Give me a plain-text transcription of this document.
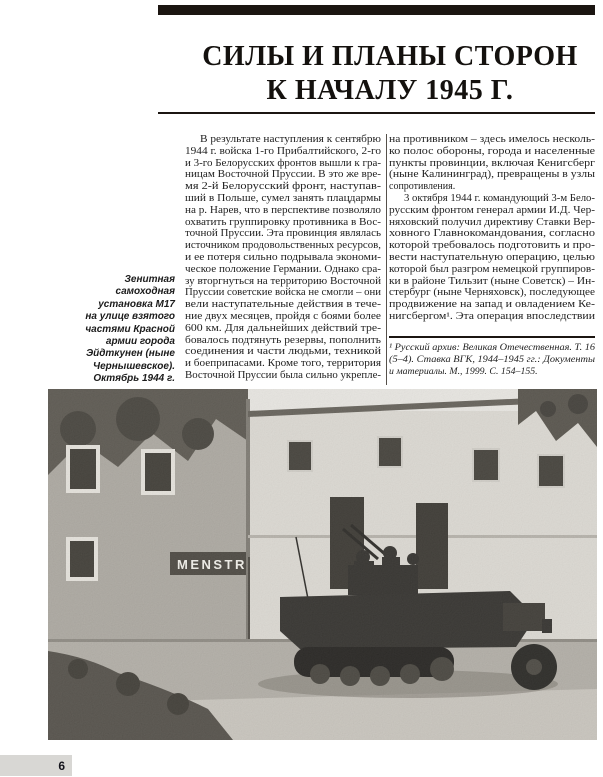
СИЛЫ И ПЛАНЫ СТОРОН
К НАЧАЛУ 1945 Г.
Зенитная
самоходная
установка М17
на улице взятого
частями Красной
армии города
Эйдткунен (ныне
Чернышевское).
Октябрь 1944 г.
В результате наступления к сентябрю
1944 г. войска 1-го Прибалтийского, 2-го
и 3-го Белорусских фронтов вышли к гра-
ницам Восточной Пруссии. В это же вре-
мя 2-й Белорусский фронт, наступав-
ший в Польше, сумел занять плацдармы
на р. Нарев, что в перспективе позволяло
охватить группировку противника в Вос-
точной Пруссии. Эта провинция являлась
источником продовольственных ресурсов,
и ее потеря сильно подрывала экономи-
ческое положение Германии. Однако сра-
зу вторгнуться на территорию Восточной
Пруссии советские войска не смогли – они
вели наступательные действия в тече-
ние двух месяцев, пройдя с боями более
600 км. Для дальнейших действий тре-
бовалось подтянуть резервы, пополнить
соединения и части людьми, техникой
и боеприпасами. Кроме того, территория
Восточной Пруссии была сильно укрепле-
на противником – здесь имелось несколь-
ко полос обороны, города и населенные
пункты провинции, включая Кенигсберг
(ныне Калининград), превращены в узлы
сопротивления.
3 октября 1944 г. командующий 3-м Бело-
русским фронтом генерал армии И.Д. Чер-
няховский получил директиву Ставки Вер-
ховного Главнокомандования, согласно
которой требовалось подготовить и про-
вести наступательную операцию, целью
которой был разгром немецкой группиров-
ки в районе Тильзит (ныне Советск) – Ин-
стербург (ныне Черняховск), последующее
продвижение на запад и овладением Ке-
нигсбергом¹. Эта операция впоследствии
¹ Русский архив: Великая Отечественная. Т. 16
(5–4). Ставка ВГК, 1944–1945 гг.: Документы
и материалы. М., 1999. С. 154–155.
6
